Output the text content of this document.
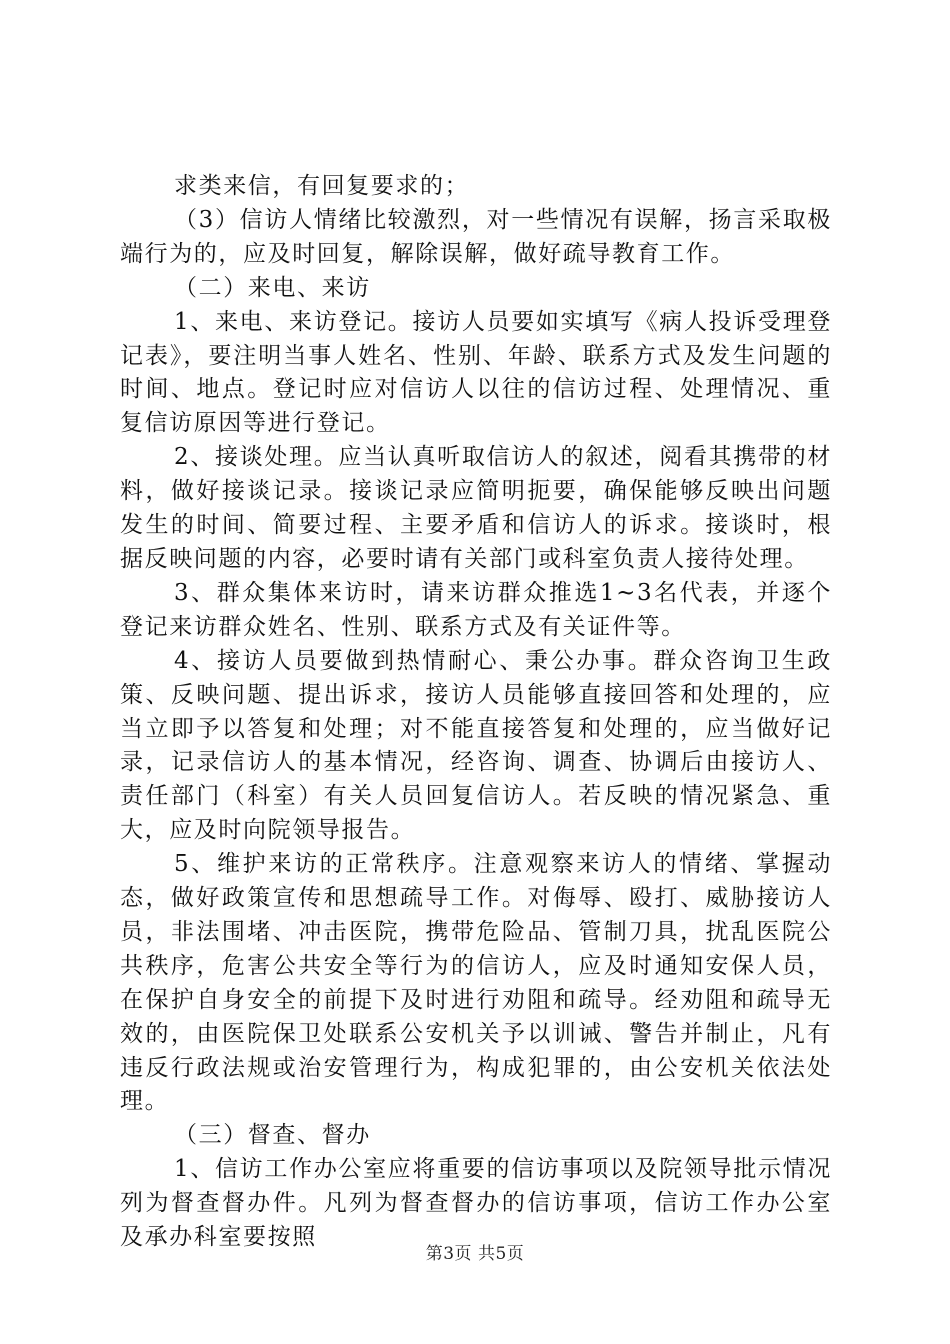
求类来信，有回复要求的；

（3）信访人情绪比较激烈，对一些情况有误解，扬言采取极端行为的，应及时回复，解除误解，做好疏导教育工作。

（二）来电、来访

1、来电、来访登记。接访人员要如实填写《病人投诉受理登记表》，要注明当事人姓名、性别、年龄、联系方式及发生问题的时间、地点。登记时应对信访人以往的信访过程、处理情况、重复信访原因等进行登记。

2、接谈处理。应当认真听取信访人的叙述，阅看其携带的材料，做好接谈记录。接谈记录应简明扼要，确保能够反映出问题发生的时间、简要过程、主要矛盾和信访人的诉求。接谈时，根据反映问题的内容，必要时请有关部门或科室负责人接待处理。

3、群众集体来访时，请来访群众推选1~3名代表，并逐个登记来访群众姓名、性别、联系方式及有关证件等。

4、接访人员要做到热情耐心、秉公办事。群众咨询卫生政策、反映问题、提出诉求，接访人员能够直接回答和处理的，应当立即予以答复和处理；对不能直接答复和处理的，应当做好记录，记录信访人的基本情况，经咨询、调查、协调后由接访人、责任部门（科室）有关人员回复信访人。若反映的情况紧急、重大，应及时向院领导报告。

5、维护来访的正常秩序。注意观察来访人的情绪、掌握动态，做好政策宣传和思想疏导工作。对侮辱、殴打、威胁接访人员，非法围堵、冲击医院，携带危险品、管制刀具，扰乱医院公共秩序，危害公共安全等行为的信访人，应及时通知安保人员，在保护自身安全的前提下及时进行劝阻和疏导。经劝阻和疏导无效的，由医院保卫处联系公安机关予以训诫、警告并制止，凡有违反行政法规或治安管理行为，构成犯罪的，由公安机关依法处理。

（三）督查、督办

1、信访工作办公室应将重要的信访事项以及院领导批示情况列为督查督办件。凡列为督查督办的信访事项，信访工作办公室及承办科室要按照

第3页 共5页
